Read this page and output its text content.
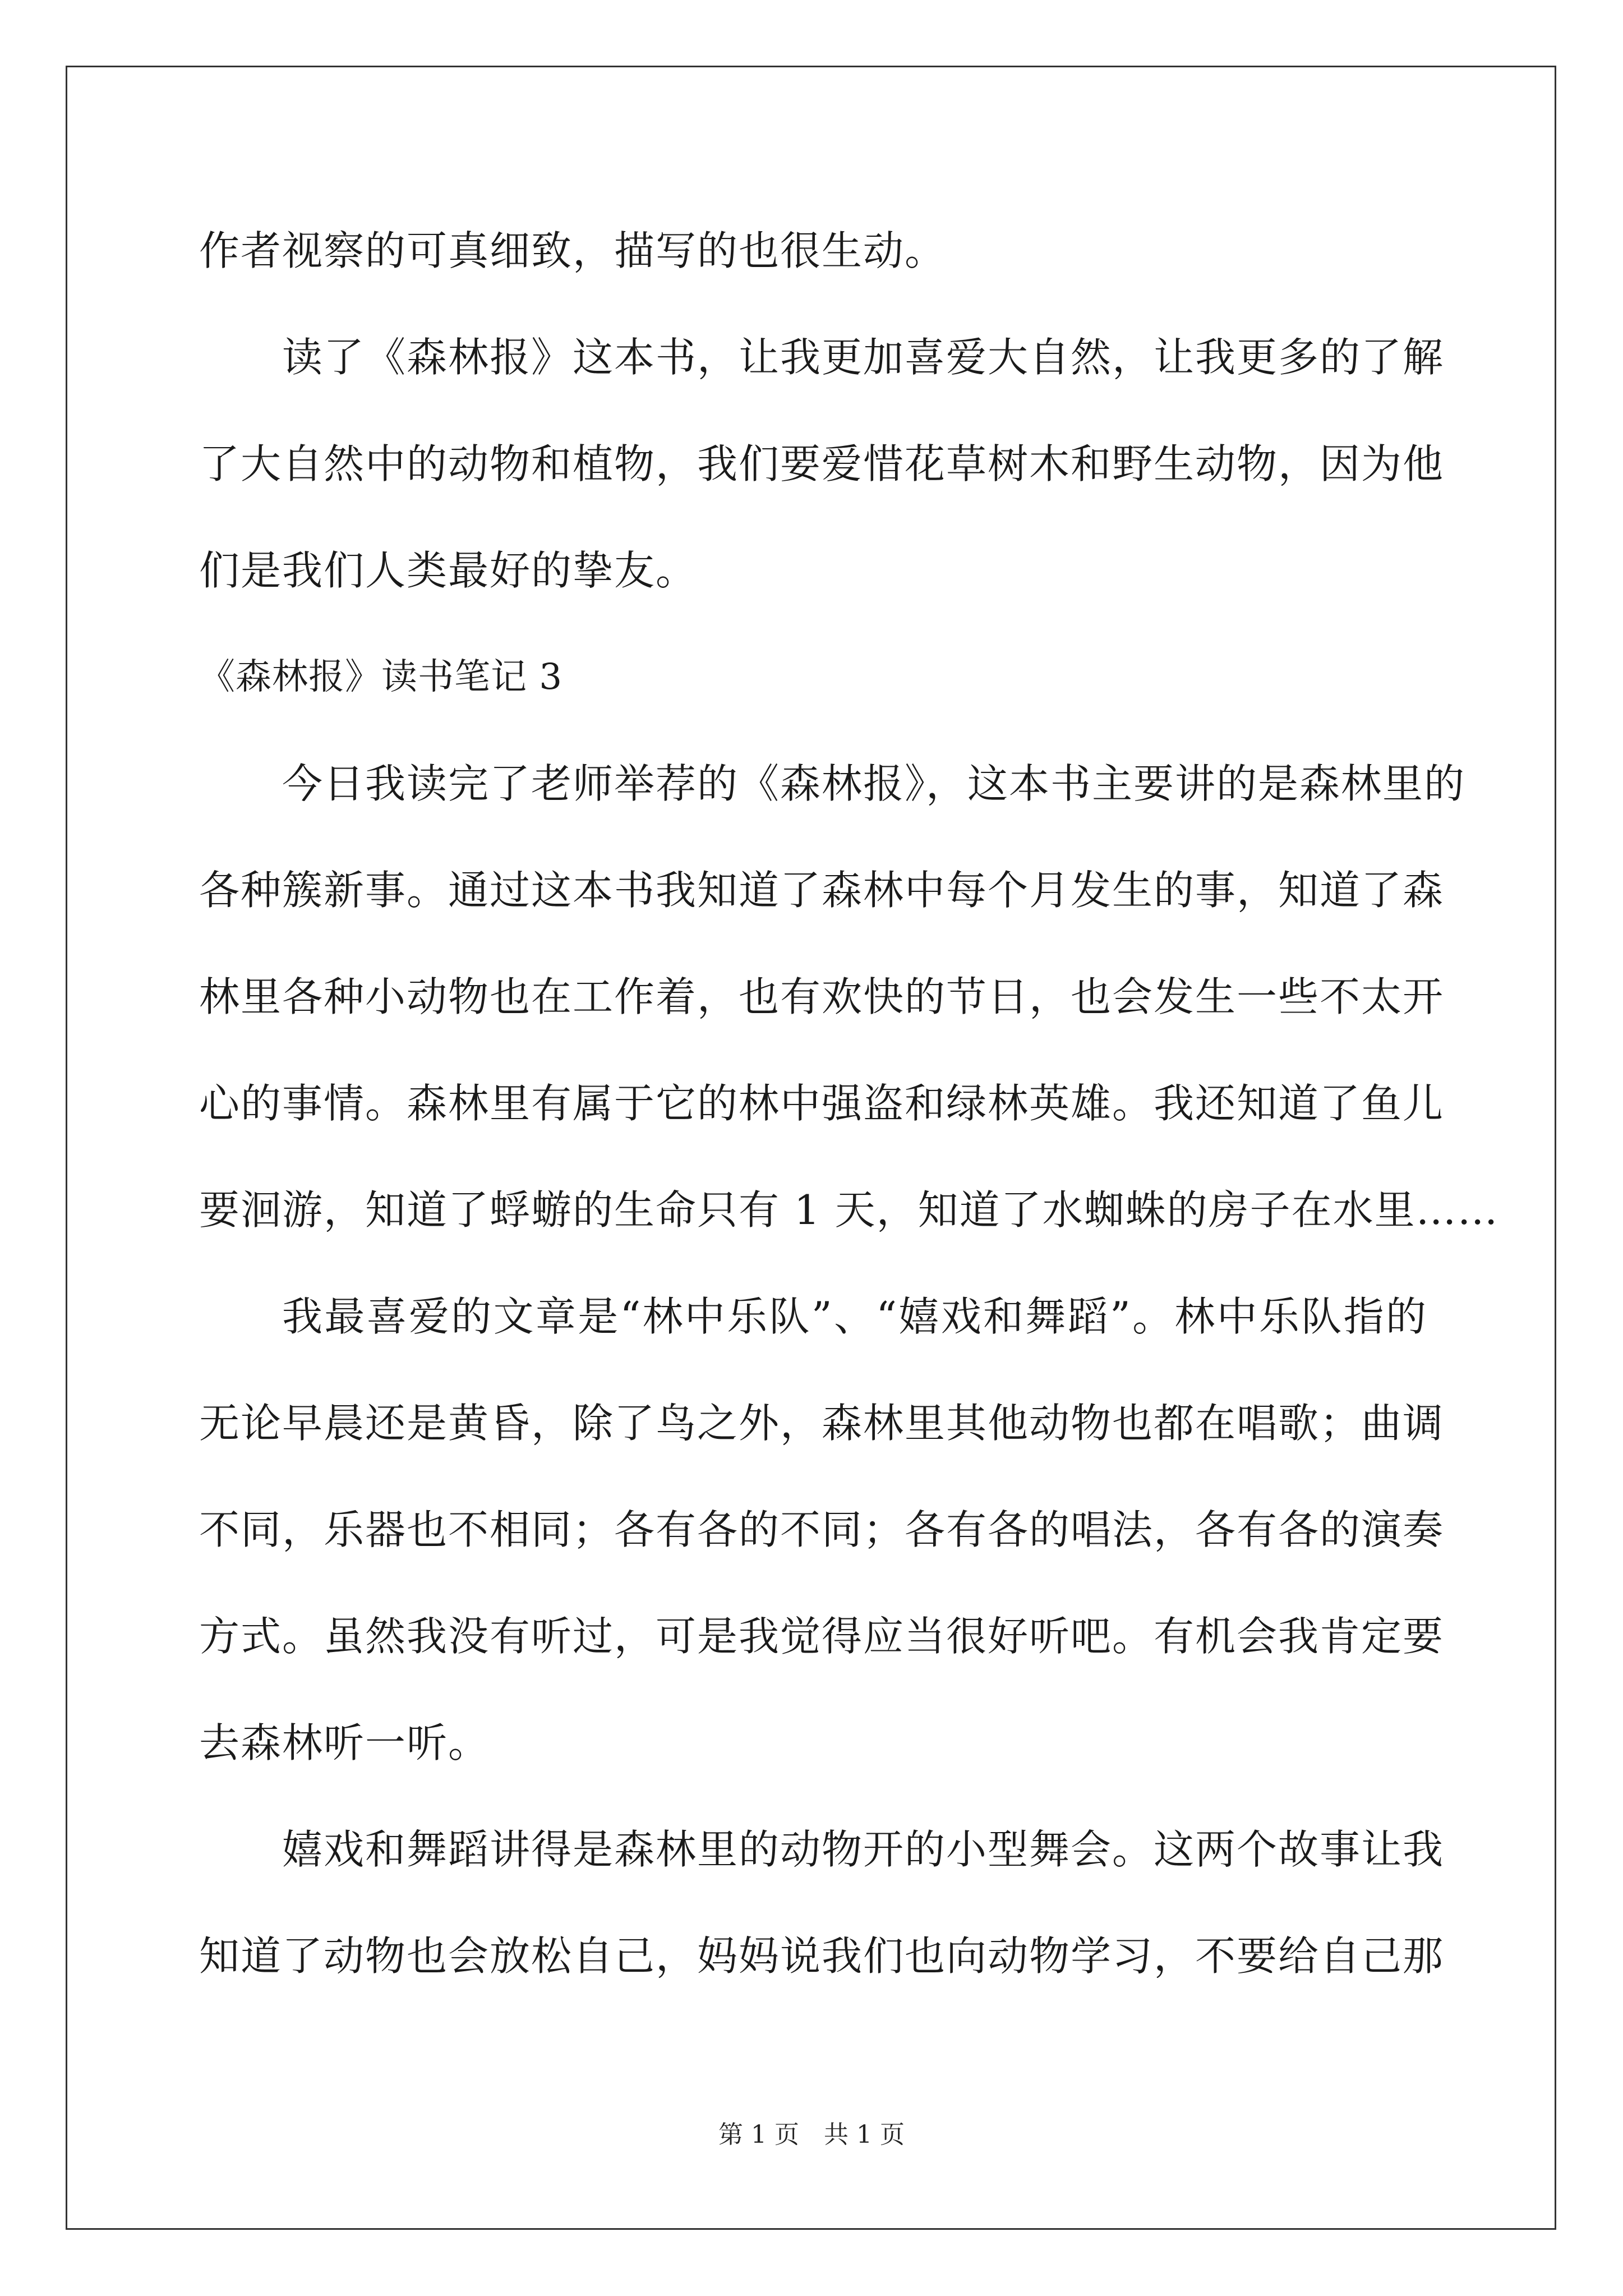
作者视察的可真细致，描写的也很生动。
读了《森林报》这本书，让我更加喜爱大自然，让我更多的了解
了大自然中的动物和植物，我们要爱惜花草树木和野生动物，因为他
们是我们人类最好的挚友。
《森林报》读书笔记 3
今日我读完了老师举荐的《森林报》，这本书主要讲的是森林里的
各种簇新事。通过这本书我知道了森林中每个月发生的事，知道了森
林里各种小动物也在工作着，也有欢快的节日，也会发生一些不太开
心的事情。森林里有属于它的林中强盗和绿林英雄。我还知道了鱼儿
要洄游，知道了蜉蝣的生命只有 1 天，知道了水蜘蛛的房子在水里……
我最喜爱的文章是“林中乐队”、“嬉戏和舞蹈”。林中乐队指的
无论早晨还是黄昏，除了鸟之外，森林里其他动物也都在唱歌；曲调
不同，乐器也不相同；各有各的不同；各有各的唱法，各有各的演奏
方式。虽然我没有听过，可是我觉得应当很好听吧。有机会我肯定要
去森林听一听。
嬉戏和舞蹈讲得是森林里的动物开的小型舞会。这两个故事让我
知道了动物也会放松自己，妈妈说我们也向动物学习，不要给自己那
第 1 页　共 1 页
